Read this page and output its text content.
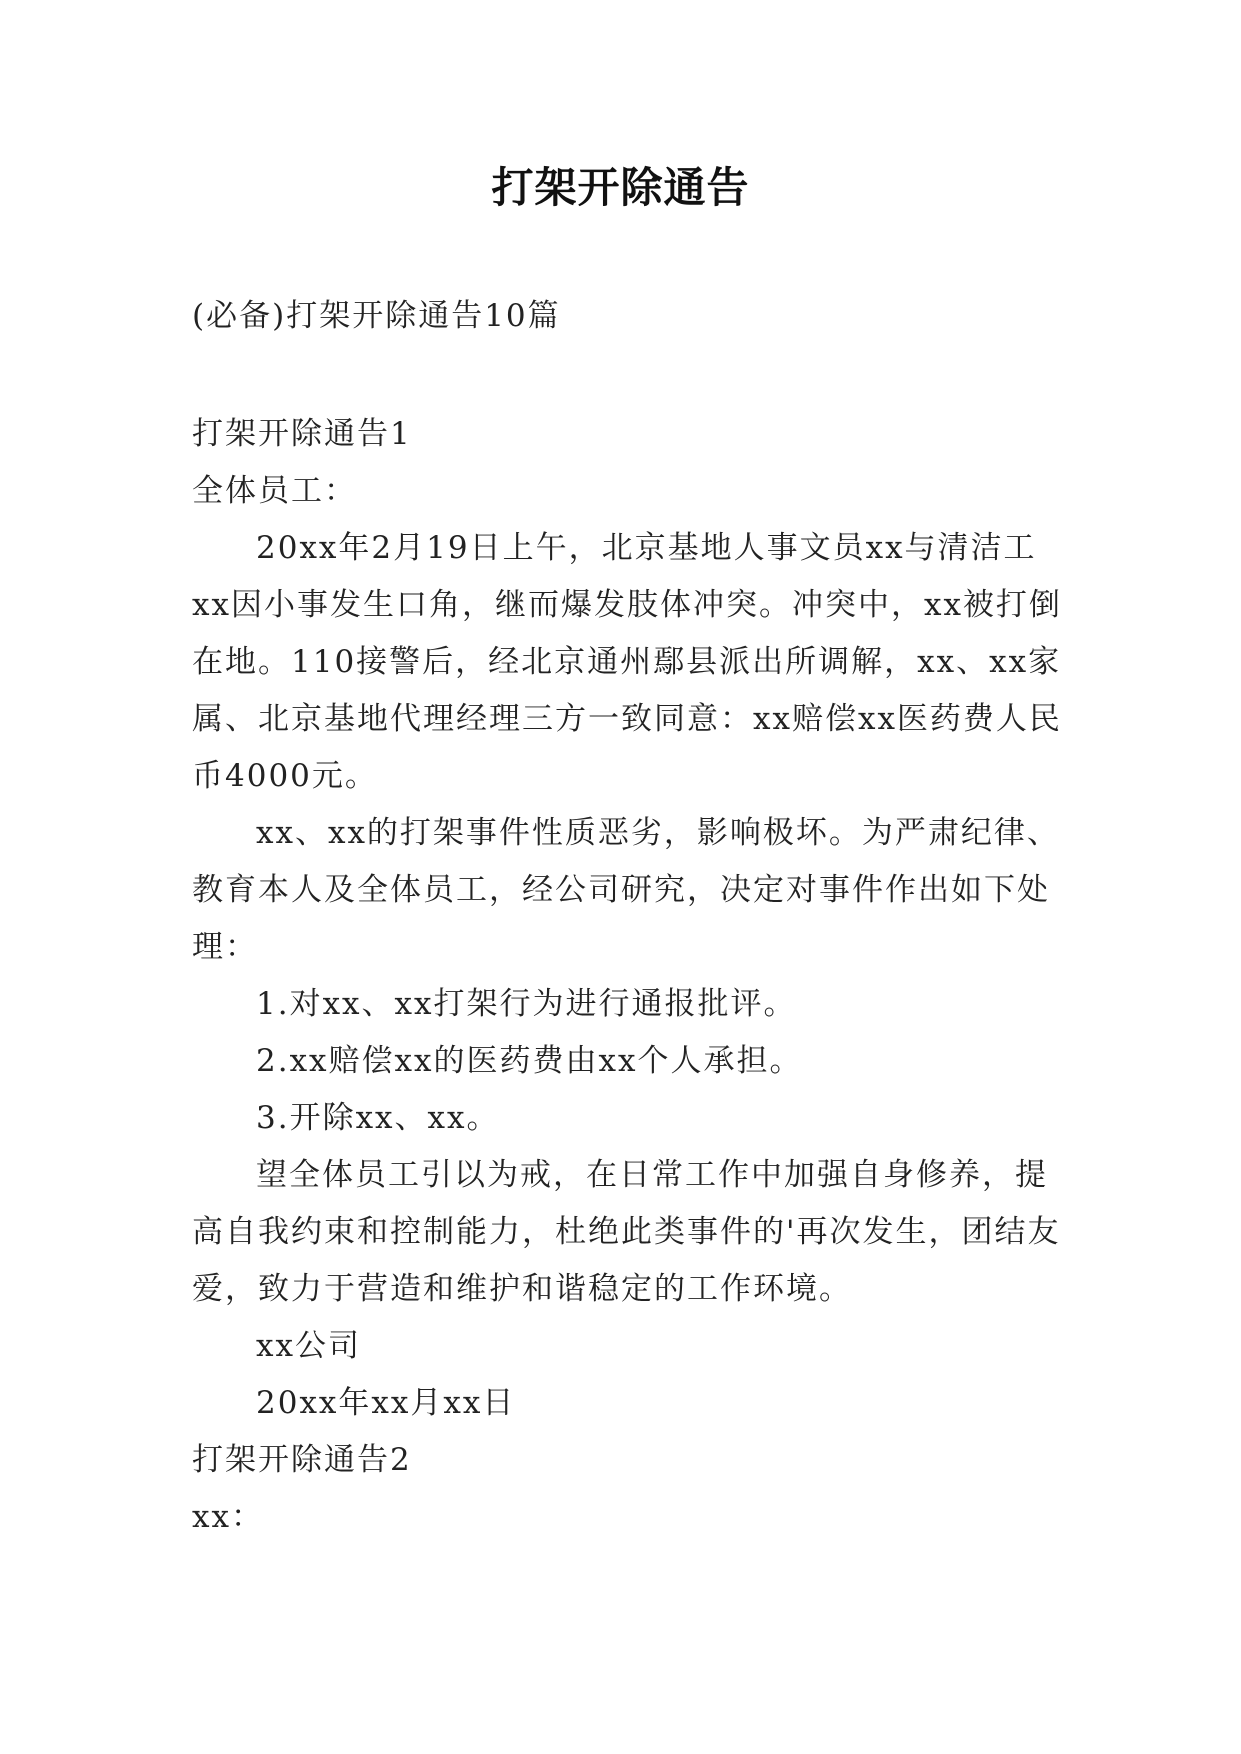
打架开除通告
(必备)打架开除通告10篇

打架开除通告1

全体员工：

20xx年2月19日上午，北京基地人事文员xx与清洁工xx因小事发生口角，继而爆发肢体冲突。冲突中，xx被打倒在地。110接警后，经北京通州鄢县派出所调解，xx、xx家属、北京基地代理经理三方一致同意：xx赔偿xx医药费人民币4000元。

xx、xx的打架事件性质恶劣，影响极坏。为严肃纪律、教育本人及全体员工，经公司研究，决定对事件作出如下处理：

1.对xx、xx打架行为进行通报批评。

2.xx赔偿xx的医药费由xx个人承担。

3.开除xx、xx。

望全体员工引以为戒，在日常工作中加强自身修养，提高自我约束和控制能力，杜绝此类事件的'再次发生，团结友爱，致力于营造和维护和谐稳定的工作环境。

xx公司

20xx年xx月xx日

打架开除通告2

xx：
